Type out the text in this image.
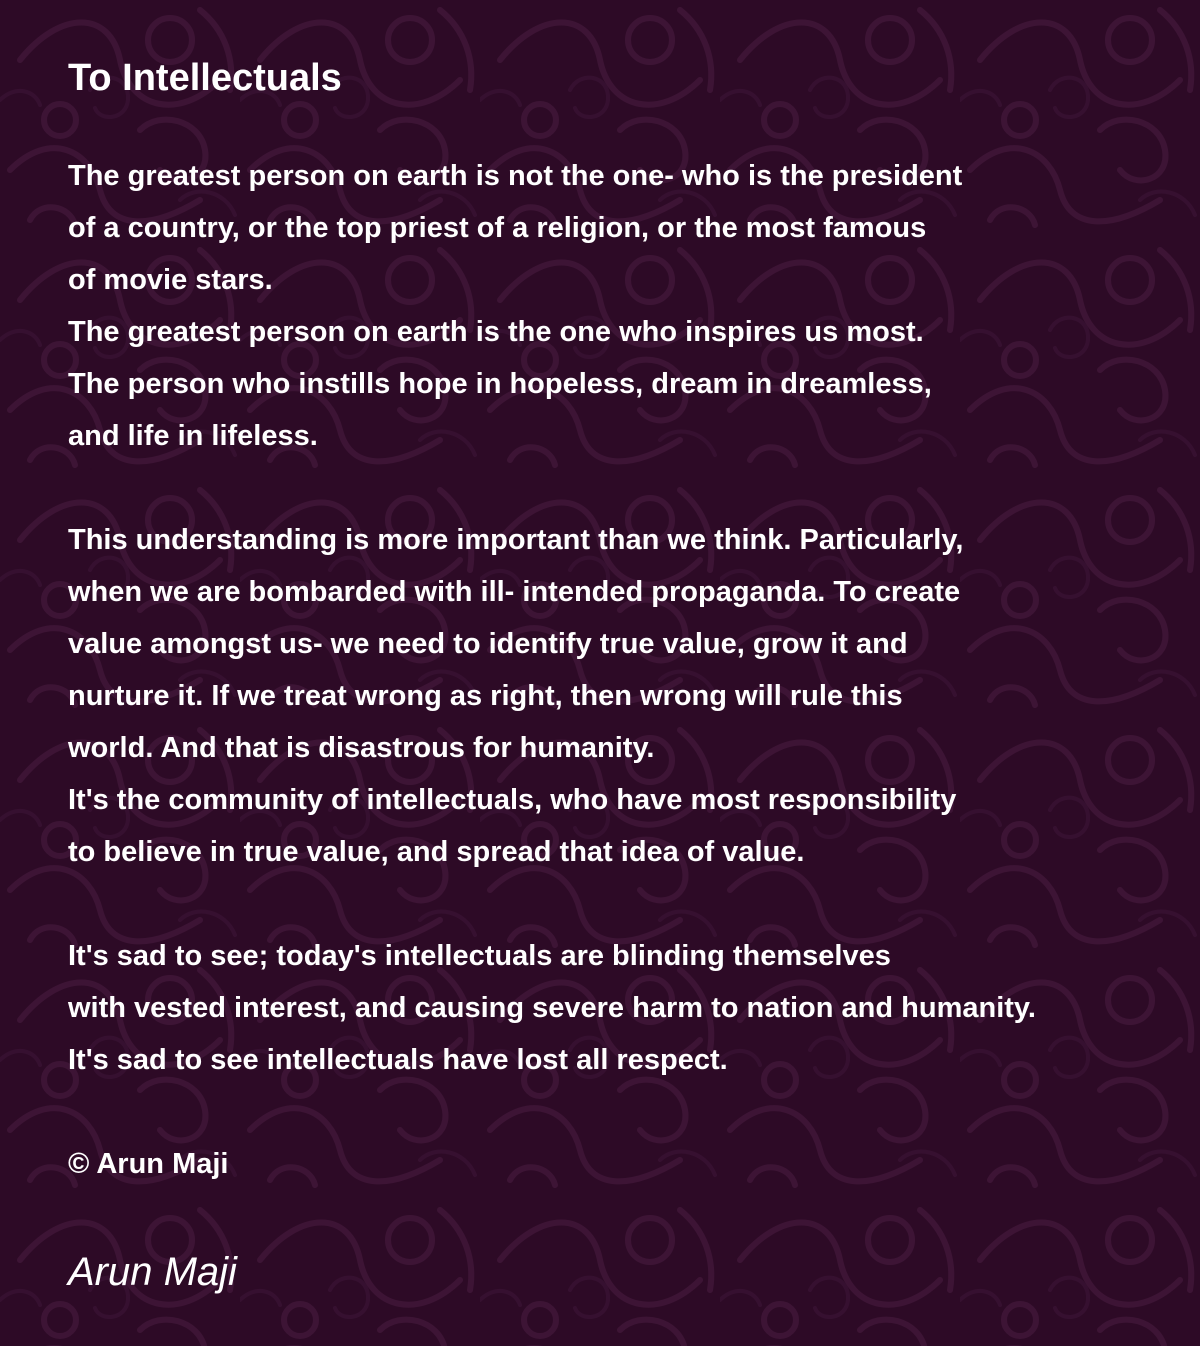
To Intellectuals
The greatest person on earth is not the one- who is the president
of a country, or the top priest of a religion, or the most famous
of movie stars.
The greatest person on earth is the one who inspires us most.
The person who instills hope in hopeless, dream in dreamless,
and life in lifeless.
This understanding is more important than we think. Particularly,
when we are bombarded with ill- intended propaganda. To create
value amongst us- we need to identify true value, grow it and
nurture it. If we treat wrong as right, then wrong will rule this
world. And that is disastrous for humanity.
It's the community of intellectuals, who have most responsibility
to believe in true value, and spread that idea of value.
It's sad to see; today's intellectuals are blinding themselves
with vested interest, and causing severe harm to nation and humanity.
It's sad to see intellectuals have lost all respect.
© Arun Maji
Arun Maji
